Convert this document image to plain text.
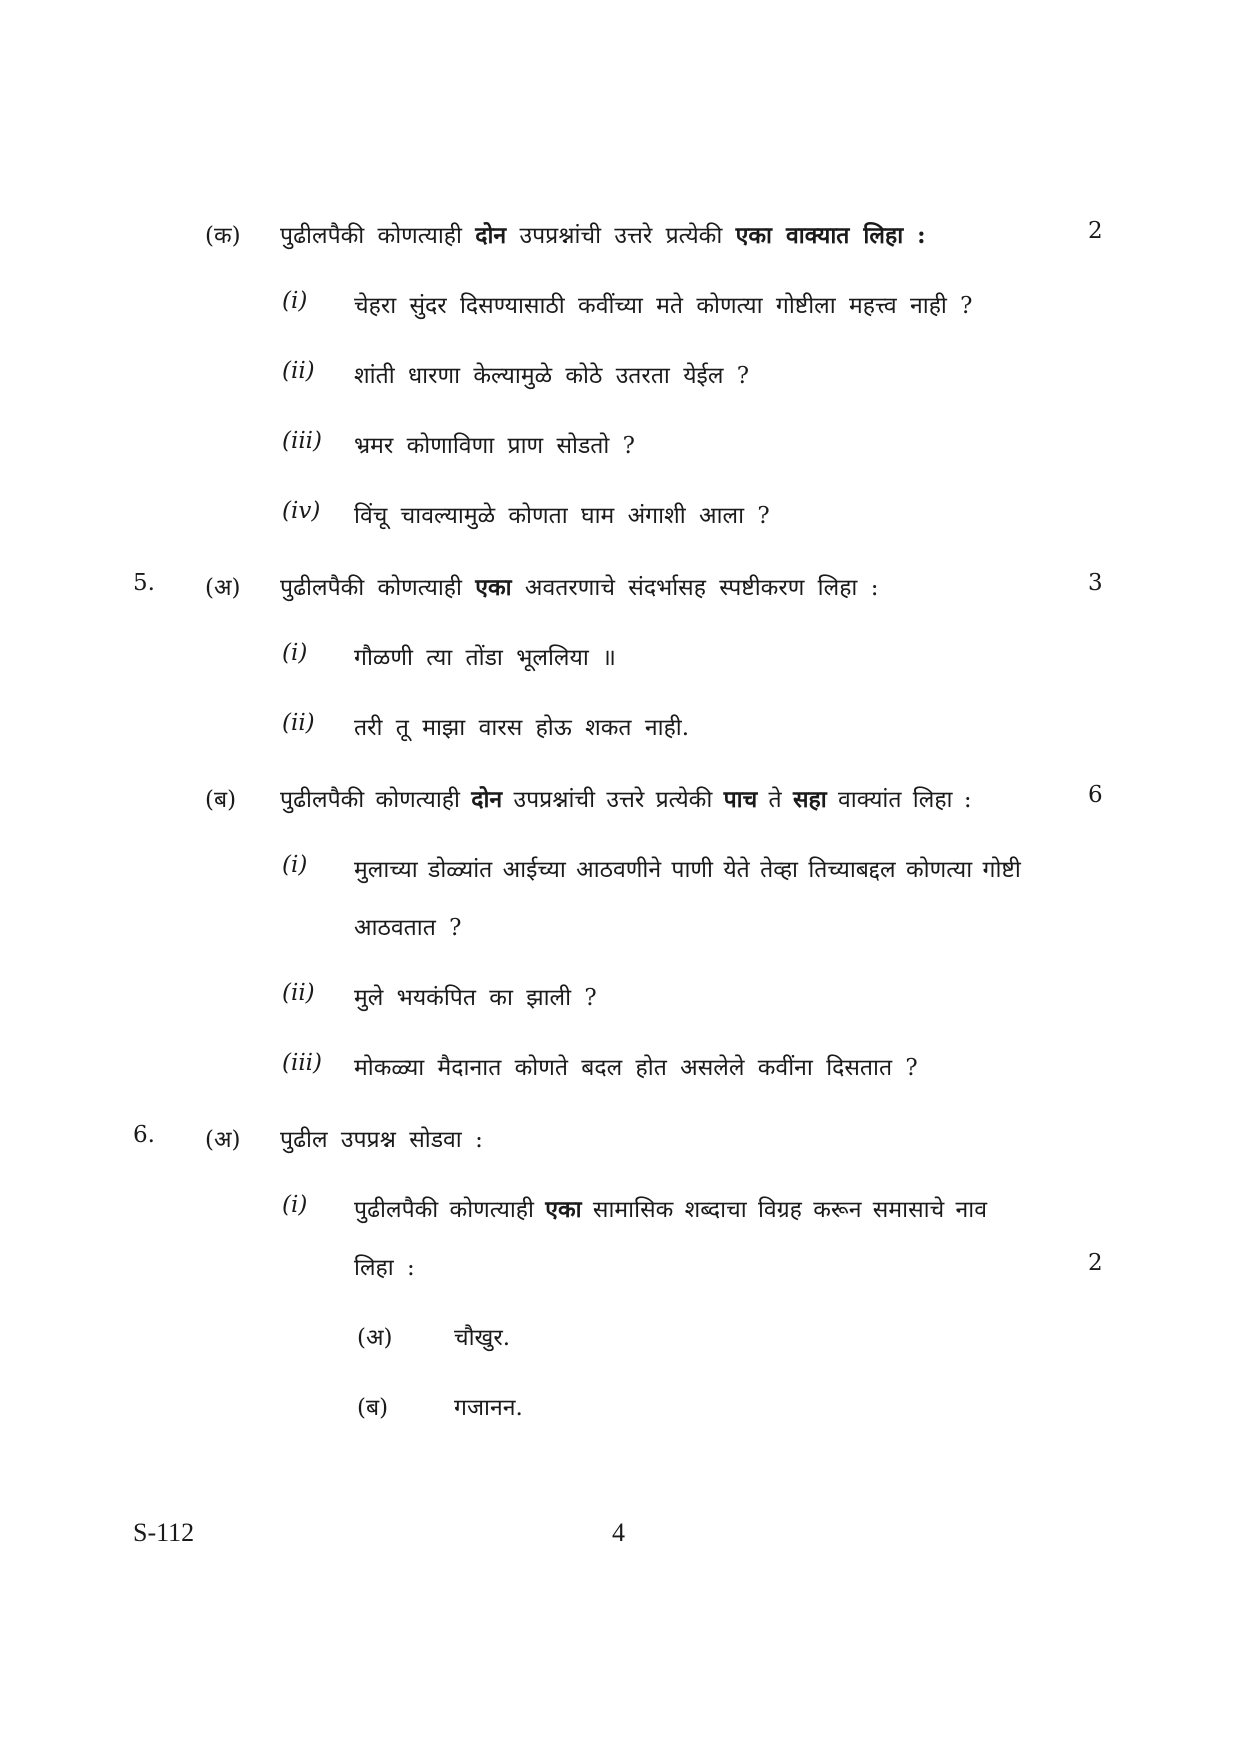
(क) पुढीलपैकी कोणत्याही दोन उपप्रश्नांची उत्तरे प्रत्येकी एका वाक्यात लिहा :	2
(i) चेहरा सुंदर दिसण्यासाठी कवींच्या मते कोणत्या गोष्टीला महत्त्व नाही ?
(ii) शांती धारणा केल्यामुळे कोठे उतरता येईल ?
(iii) भ्रमर कोणाविणा प्राण सोडतो ?
(iv) विंचू चावल्यामुळे कोणता घाम अंगाशी आला ?
5. (अ) पुढीलपैकी कोणत्याही एका अवतरणाचे संदर्भासह स्पष्टीकरण लिहा :	3
(i) गौळणी त्या तोंडा भूललिया ॥
(ii) तरी तू माझा वारस होऊ शकत नाही.
(ब) पुढीलपैकी कोणत्याही दोन उपप्रश्नांची उत्तरे प्रत्येकी पाच ते सहा वाक्यांत लिहा :	6
(i) मुलाच्या डोळ्यांत आईच्या आठवणीने पाणी येते तेव्हा तिच्याबद्दल कोणत्या गोष्टी
आठवतात ?
(ii) मुले भयकंपित का झाली ?
(iii) मोकळ्या मैदानात कोणते बदल होत असलेले कवींना दिसतात ?
6. (अ) पुढील उपप्रश्न सोडवा :
(i) पुढीलपैकी कोणत्याही एका सामासिक शब्दाचा विग्रह करून समासाचे नाव
लिहा :	2
(अ)	चौखुर.
(ब)	गजानन.
S-112	4
